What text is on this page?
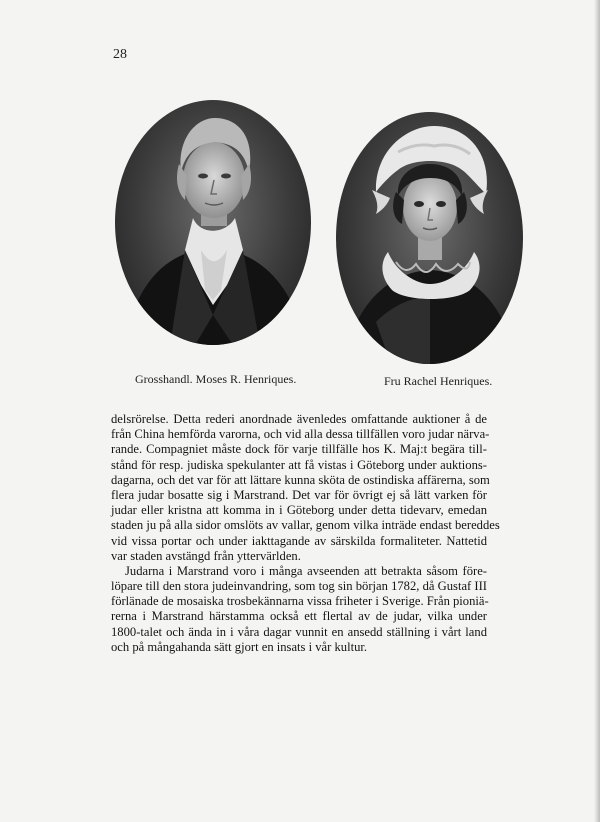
28
Grosshandl. Moses R. Henriques.	Fru Rachel Henriques.
delsrörelse. Detta rederi anordnade ävenledes omfattande auktioner å de
från China hemförda varorna, och vid alla dessa tillfällen voro judar närva-
rande. Compagniet måste dock för varje tillfälle hos K. Maj:t begära till-
stånd för resp. judiska spekulanter att få vistas i Göteborg under auktions-
dagarna, och det var för att lättare kunna sköta de ostindiska affärerna, som
flera judar bosatte sig i Marstrand. Det var för övrigt ej så lätt varken för
judar eller kristna att komma in i Göteborg under detta tidevarv, emedan
staden ju på alla sidor omslöts av vallar, genom vilka inträde endast bereddes
vid vissa portar och under iakttagande av särskilda formaliteter. Nattetid
var staden avstängd från yttervärlden.
Judarna i Marstrand voro i många avseenden att betrakta såsom före-
löpare till den stora judeinvandring, som tog sin början 1782, då Gustaf III
förlänade de mosaiska trosbekännarna vissa friheter i Sverige. Från pioniä-
rerna i Marstrand härstamma också ett flertal av de judar, vilka under
1800-talet och ända in i våra dagar vunnit en ansedd ställning i vårt land
och på mångahanda sätt gjort en insats i vår kultur.
